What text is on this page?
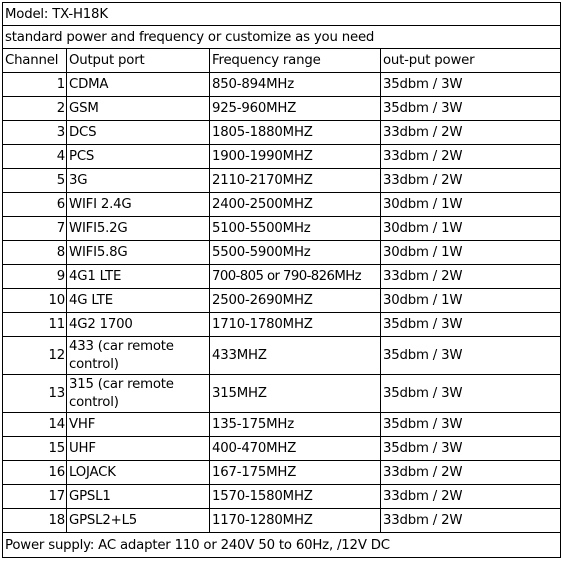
Model: TX-H18K			
standard power and frequency or customize as you need			
Channel	Output port	Frequency range	out-put power
1	CDMA	850-894MHz	35dbm / 3W
2	GSM	925-960MHZ	35dbm / 3W
3	DCS	1805-1880MHZ	33dbm / 2W
4	PCS	1900-1990MHZ	33dbm / 2W
5	3G	2110-2170MHZ	33dbm / 2W
6	WIFI 2.4G	2400-2500MHZ	30dbm / 1W
7	WIFI5.2G	5100-5500MHz	30dbm / 1W
8	WIFI5.8G	5500-5900MHz	30dbm / 1W
9	4G1 LTE	700-805 or 790-826MHz	33dbm / 2W
10	4G LTE	2500-2690MHZ	30dbm / 1W
11	4G2 1700	1710-1780MHZ	35dbm / 3W
12	433 (car remote control)	433MHZ	35dbm / 3W
13	315 (car remote control)	315MHZ	35dbm / 3W
14	VHF	135-175MHz	35dbm / 3W
15	UHF	400-470MHZ	35dbm / 3W
16	LOJACK	167-175MHZ	33dbm / 2W
17	GPSL1	1570-1580MHZ	33dbm / 2W
18	GPSL2+L5	1170-1280MHZ	33dbm / 2W
Power supply: AC adapter 110 or 240V 50 to 60Hz, /12V DC			
